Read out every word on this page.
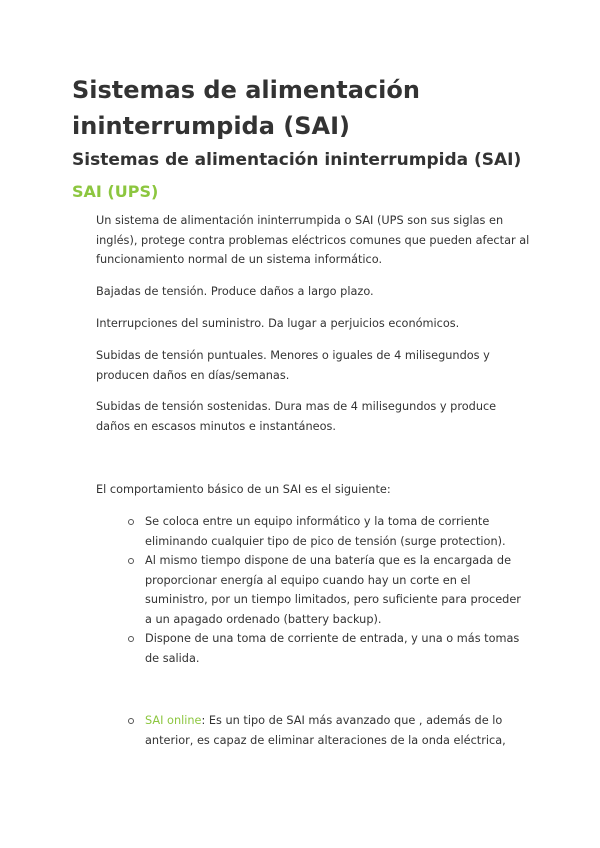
Sistemas de alimentación ininterrumpida (SAI)
Sistemas de alimentación ininterrumpida (SAI)
SAI (UPS)

Un sistema de alimentación ininterrumpida o SAI (UPS son sus siglas en inglés), protege contra problemas eléctricos comunes que pueden afectar al funcionamiento normal de un sistema informático.

Bajadas de tensión. Produce daños a largo plazo.

Interrupciones del suministro. Da lugar a perjuicios económicos.

Subidas de tensión puntuales. Menores o iguales de 4 milisegundos y producen daños en días/semanas.

Subidas de tensión sostenidas. Dura mas de 4 milisegundos y produce daños en escasos minutos e instantáneos.

El comportamiento básico de un SAI es el siguiente:

Se coloca entre un equipo informático y la toma de corriente eliminando cualquier tipo de pico de tensión (surge protection).
Al mismo tiempo dispone de una batería que es la encargada de proporcionar energía al equipo cuando hay un corte en el suministro, por un tiempo limitados, pero suficiente para proceder a un apagado ordenado (battery backup).
Dispone de una toma de corriente de entrada, y una o más tomas de salida.
SAI online: Es un tipo de SAI más avanzado que , además de lo anterior, es capaz de eliminar alteraciones de la onda eléctrica,
